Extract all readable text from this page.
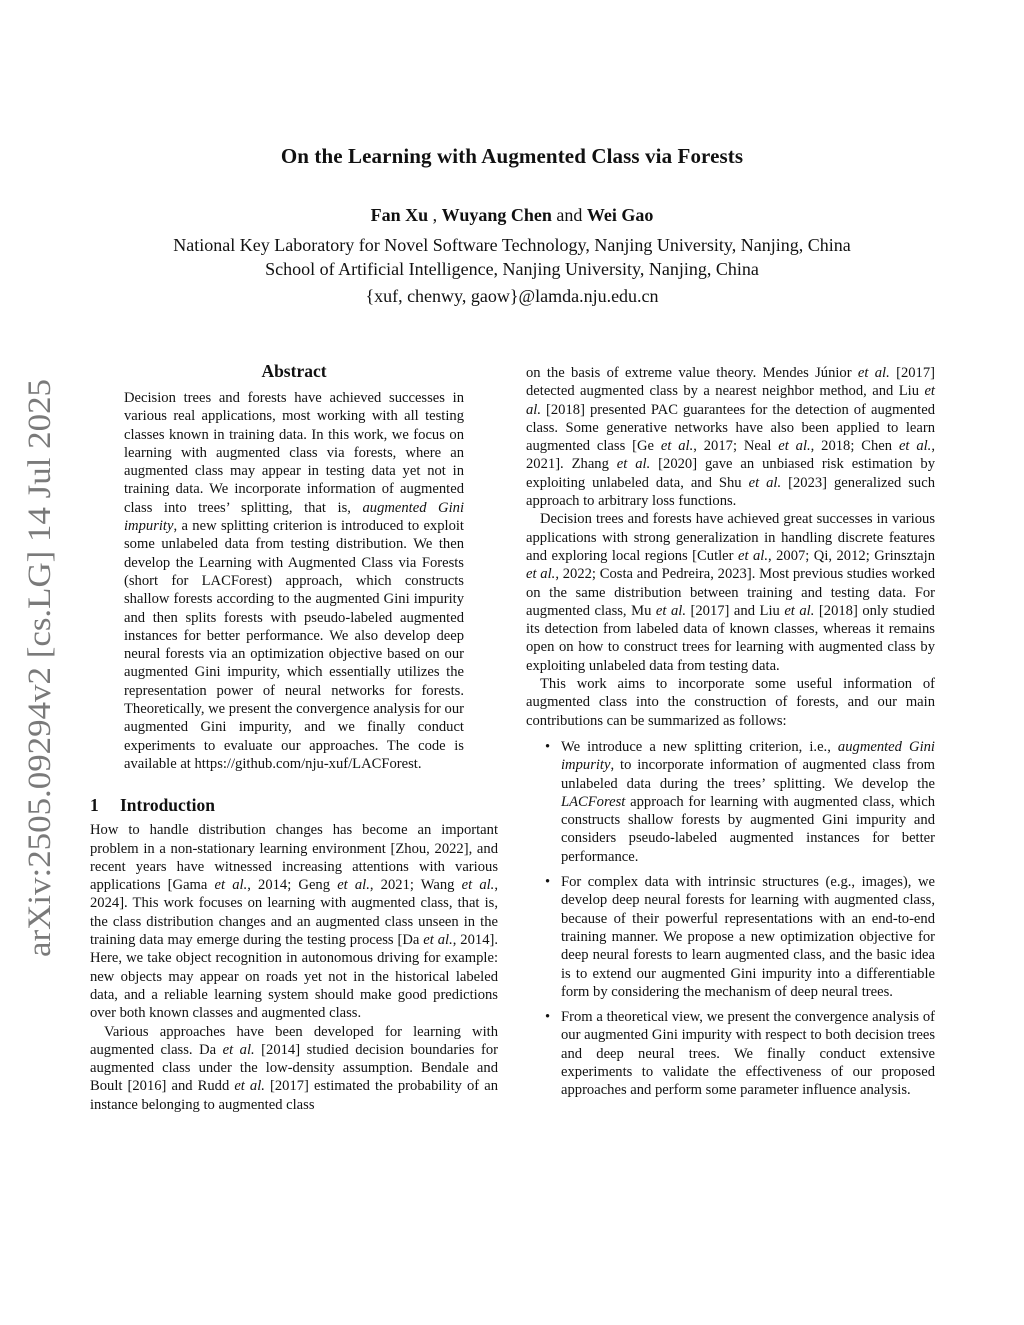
arXiv:2505.09294v2 [cs.LG] 14 Jul 2025
On the Learning with Augmented Class via Forests
Fan Xu , Wuyang Chen and Wei Gao
National Key Laboratory for Novel Software Technology, Nanjing University, Nanjing, China
School of Artificial Intelligence, Nanjing University, Nanjing, China
{xuf, chenwy, gaow}@lamda.nju.edu.cn
Abstract
Decision trees and forests have achieved successes in various real applications, most working with all testing classes known in training data. In this work, we focus on learning with augmented class via forests, where an augmented class may appear in testing data yet not in training data. We incorporate information of augmented class into trees’ splitting, that is, augmented Gini impurity, a new splitting criterion is introduced to exploit some unlabeled data from testing distribution. We then develop the Learning with Augmented Class via Forests (short for LACForest) approach, which constructs shallow forests according to the augmented Gini impurity and then splits forests with pseudo-labeled augmented instances for better performance. We also develop deep neural forests via an optimization objective based on our augmented Gini impurity, which essentially utilizes the representation power of neural networks for forests. Theoretically, we present the convergence analysis for our augmented Gini impurity, and we finally conduct experiments to evaluate our approaches. The code is available at https://github.com/nju-xuf/LACForest.
1 Introduction

How to handle distribution changes has become an important problem in a non-stationary learning environment [Zhou, 2022], and recent years have witnessed increasing attentions with various applications [Gama et al., 2014; Geng et al., 2021; Wang et al., 2024]. This work focuses on learning with augmented class, that is, the class distribution changes and an augmented class unseen in the training data may emerge during the testing process [Da et al., 2014]. Here, we take object recognition in autonomous driving for example: new objects may appear on roads yet not in the historical labeled data, and a reliable learning system should make good predictions over both known classes and augmented class.

Various approaches have been developed for learning with augmented class. Da et al. [2014] studied decision boundaries for augmented class under the low-density assumption. Bendale and Boult [2016] and Rudd et al. [2017] estimated the probability of an instance belonging to augmented class

on the basis of extreme value theory. Mendes Júnior et al. [2017] detected augmented class by a nearest neighbor method, and Liu et al. [2018] presented PAC guarantees for the detection of augmented class. Some generative networks have also been applied to learn augmented class [Ge et al., 2017; Neal et al., 2018; Chen et al., 2021]. Zhang et al. [2020] gave an unbiased risk estimation by exploiting unlabeled data, and Shu et al. [2023] generalized such approach to arbitrary loss functions.

Decision trees and forests have achieved great successes in various applications with strong generalization in handling discrete features and exploring local regions [Cutler et al., 2007; Qi, 2012; Grinsztajn et al., 2022; Costa and Pedreira, 2023]. Most previous studies worked on the same distribution between training and testing data. For augmented class, Mu et al. [2017] and Liu et al. [2018] only studied its detection from labeled data of known classes, whereas it remains open on how to construct trees for learning with augmented class by exploiting unlabeled data from testing data.

This work aims to incorporate some useful information of augmented class into the construction of forests, and our main contributions can be summarized as follows:

• We introduce a new splitting criterion, i.e., augmented Gini impurity, to incorporate information of augmented class from unlabeled data during the trees’ splitting. We develop the LACForest approach for learning with augmented class, which constructs shallow forests by augmented Gini impurity and considers pseudo-labeled augmented instances for better performance.
• For complex data with intrinsic structures (e.g., images), we develop deep neural forests for learning with augmented class, because of their powerful representations with an end-to-end training manner. We propose a new optimization objective for deep neural forests to learn augmented class, and the basic idea is to extend our augmented Gini impurity into a differentiable form by considering the mechanism of deep neural trees.
• From a theoretical view, we present the convergence analysis of our augmented Gini impurity with respect to both decision trees and deep neural trees. We finally conduct extensive experiments to validate the effectiveness of our proposed approaches and perform some parameter influence analysis.
